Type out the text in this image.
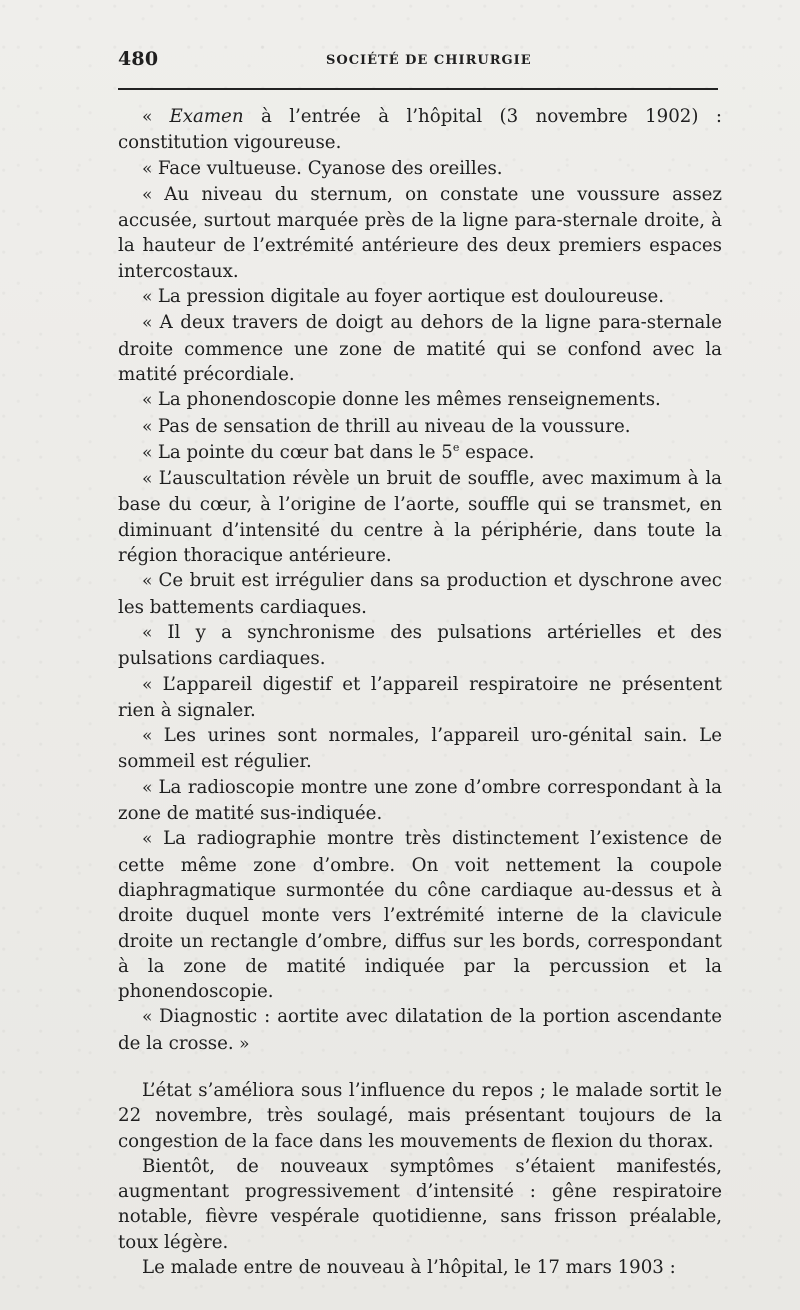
480	SOCIÉTÉ DE CHIRURGIE

« Examen à l’entrée à l’hôpital (3 novembre 1902) : constitution vigoureuse.

« Face vultueuse. Cyanose des oreilles.

« Au niveau du sternum, on constate une voussure assez accusée, surtout marquée près de la ligne para-sternale droite, à la hauteur de l’extrémité antérieure des deux premiers espaces intercostaux.

« La pression digitale au foyer aortique est douloureuse.

« A deux travers de doigt au dehors de la ligne para-sternale droite commence une zone de matité qui se confond avec la matité précordiale.

« La phonendoscopie donne les mêmes renseignements.

« Pas de sensation de thrill au niveau de la voussure.

« La pointe du cœur bat dans le 5e espace.

« L’auscultation révèle un bruit de souffle, avec maximum à la base du cœur, à l’origine de l’aorte, souffle qui se transmet, en diminuant d’intensité du centre à la périphérie, dans toute la région thoracique antérieure.

« Ce bruit est irrégulier dans sa production et dyschrone avec les battements cardiaques.

« Il y a synchronisme des pulsations artérielles et des pulsations cardiaques.

« L’appareil digestif et l’appareil respiratoire ne présentent rien à signaler.

« Les urines sont normales, l’appareil uro-génital sain. Le sommeil est régulier.

« La radioscopie montre une zone d’ombre correspondant à la zone de matité sus-indiquée.

« La radiographie montre très distinctement l’existence de cette même zone d’ombre. On voit nettement la coupole diaphragmatique surmontée du cône cardiaque au-dessus et à droite duquel monte vers l’extrémité interne de la clavicule droite un rectangle d’ombre, diffus sur les bords, correspondant à la zone de matité indiquée par la percussion et la phonendoscopie.

« Diagnostic : aortite avec dilatation de la portion ascendante de la crosse. »

L’état s’améliora sous l’influence du repos ; le malade sortit le 22 novembre, très soulagé, mais présentant toujours de la congestion de la face dans les mouvements de flexion du thorax.

Bientôt, de nouveaux symptômes s’étaient manifestés, augmentant progressivement d’intensité : gêne respiratoire notable, fièvre vespérale quotidienne, sans frisson préalable, toux légère.

Le malade entre de nouveau à l’hôpital, le 17 mars 1903 :
